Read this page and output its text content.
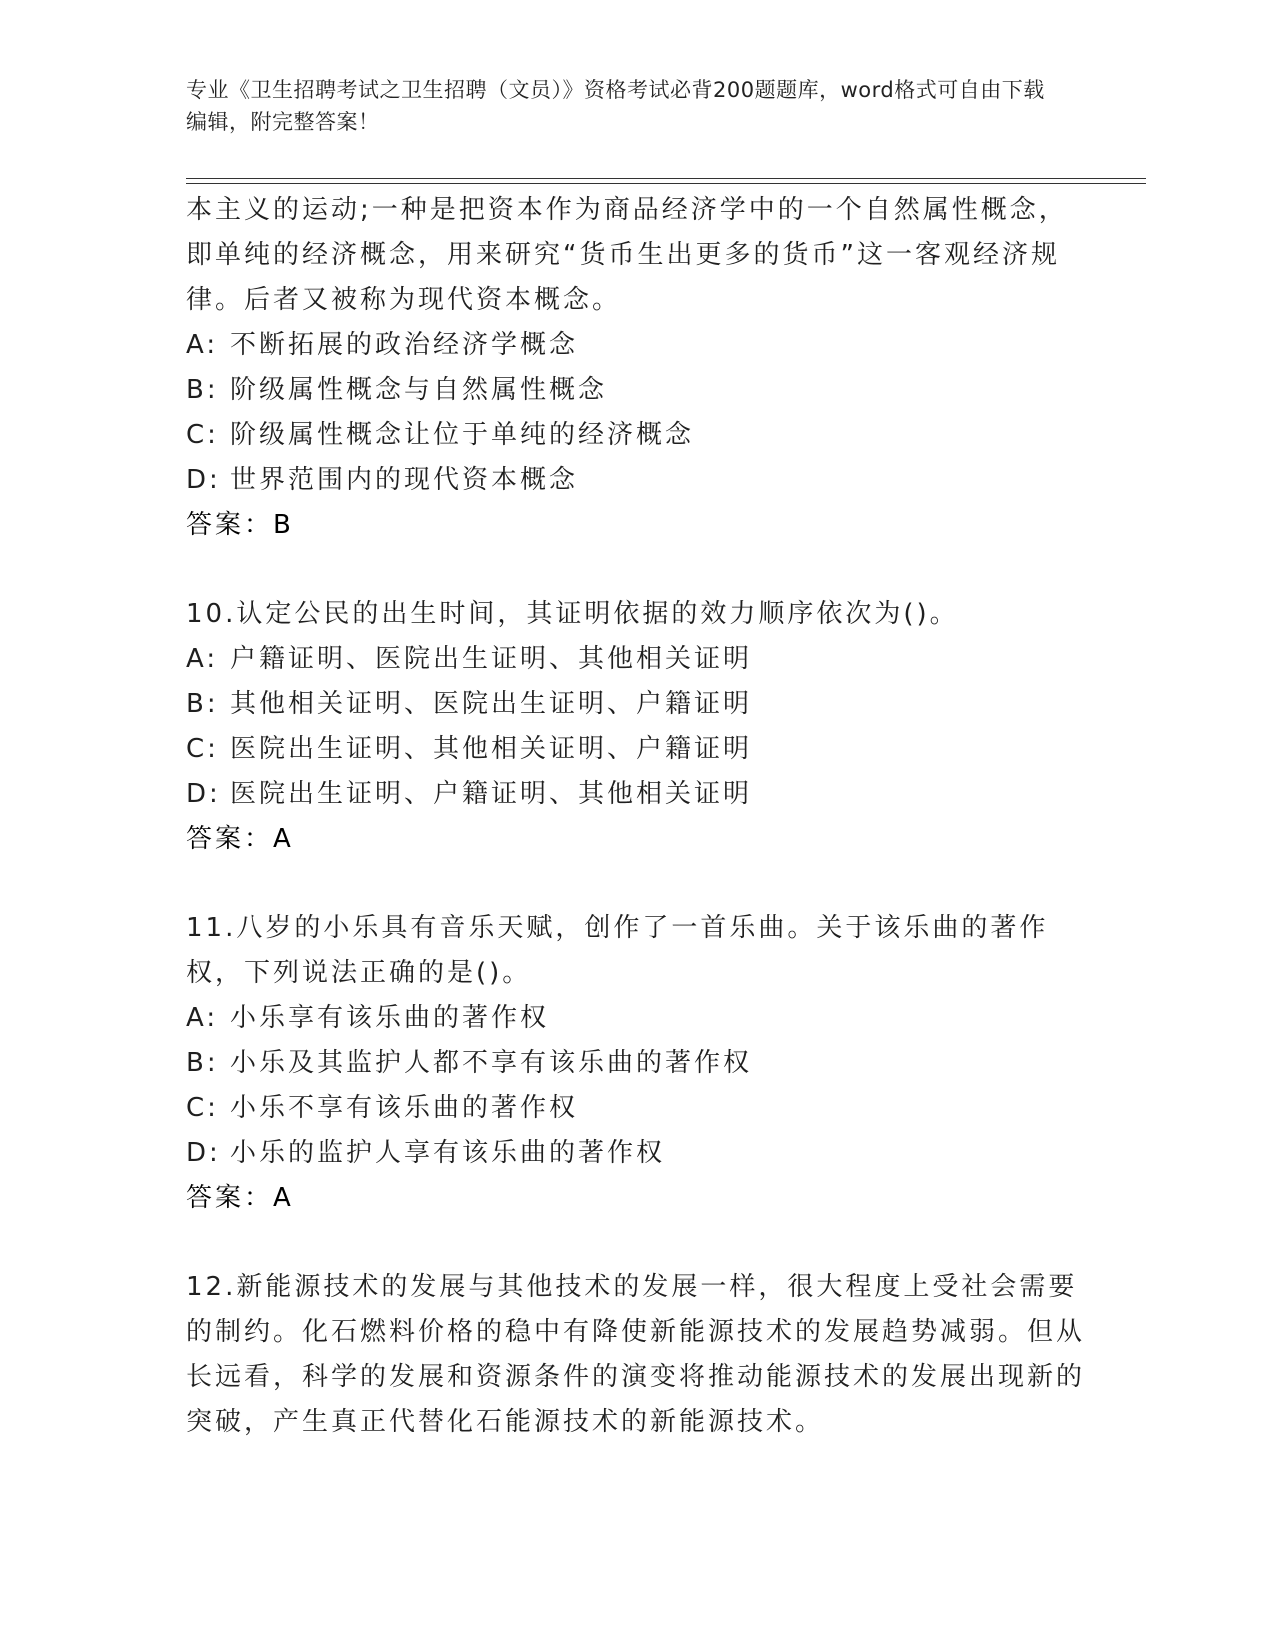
专业《卫生招聘考试之卫生招聘（文员）》资格考试必背200题题库，word格式可自由下载编辑，附完整答案！
本主义的运动;一种是把资本作为商品经济学中的一个自然属性概念，即单纯的经济概念，用来研究“货币生出更多的货币”这一客观经济规律。后者又被称为现代资本概念。
A: 不断拓展的政治经济学概念
B: 阶级属性概念与自然属性概念
C: 阶级属性概念让位于单纯的经济概念
D: 世界范围内的现代资本概念
答案：B
10.认定公民的出生时间，其证明依据的效力顺序依次为()。
A: 户籍证明、医院出生证明、其他相关证明
B: 其他相关证明、医院出生证明、户籍证明
C: 医院出生证明、其他相关证明、户籍证明
D: 医院出生证明、户籍证明、其他相关证明
答案：A
11.八岁的小乐具有音乐天赋，创作了一首乐曲。关于该乐曲的著作权，下列说法正确的是()。
A: 小乐享有该乐曲的著作权
B: 小乐及其监护人都不享有该乐曲的著作权
C: 小乐不享有该乐曲的著作权
D: 小乐的监护人享有该乐曲的著作权
答案：A
12.新能源技术的发展与其他技术的发展一样，很大程度上受社会需要的制约。化石燃料价格的稳中有降使新能源技术的发展趋势减弱。但从长远看，科学的发展和资源条件的演变将推动能源技术的发展出现新的突破，产生真正代替化石能源技术的新能源技术。
